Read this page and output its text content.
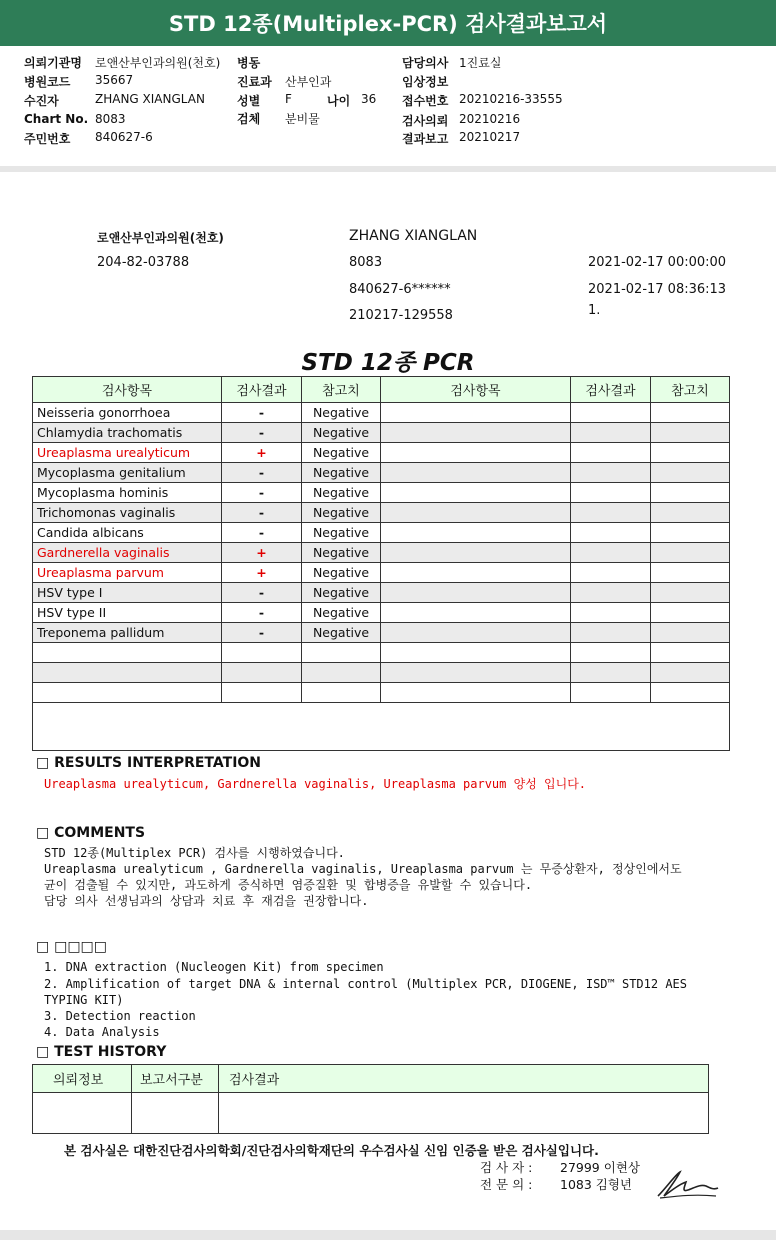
STD 12종(Multiplex-PCR) 검사결과보고서
의뢰기관명 로앤산부인과의원(천호) 병동	담당의사 1진료실
병원코드 35667	진료과 산부인과	임상정보
수진자	ZHANG XIANGLAN	성별 F	나이 36 접수번호 20210216-33555
Chart No. 8083	검체 분비물	검사의뢰 20210216
주민번호 840627-6	결과보고 20210217
로앤산부인과의원(천호)
204-82-03788
ZHANG XIANGLAN
8083
840627-6******
210217-129558
2021-02-17 00:00:00
2021-02-17 08:36:13
1.
STD 12종 PCR
검사항목	검사결과	참고치	검사항목	검사결과	참고치
Neisseria gonorrhoea	-	Negative			
Chlamydia trachomatis	-	Negative			
Ureaplasma urealyticum	+	Negative			
Mycoplasma genitalium	-	Negative			
Mycoplasma hominis	-	Negative			
Trichomonas vaginalis	-	Negative			
Candida albicans	-	Negative			
Gardnerella vaginalis	+	Negative			
Ureaplasma parvum	+	Negative			
HSV type I	-	Negative			
HSV type II	-	Negative			
Treponema pallidum	-	Negative			

□ RESULTS INTERPRETATION
Ureaplasma urealyticum, Gardnerella vaginalis, Ureaplasma parvum 양성 입니다.
□ COMMENTS
STD 12종(Multiplex PCR) 검사를 시행하였습니다.
Ureaplasma urealyticum , Gardnerella vaginalis, Ureaplasma parvum 는 무증상환자, 정상인에서도
균이 검출될 수 있지만, 과도하게 증식하면 염증질환 및 합병증을 유발할 수 있습니다.
담당 의사 선생님과의 상담과 치료 후 재검을 권장합니다.
□ □□□□
1. DNA extraction (Nucleogen Kit) from specimen
2. Amplification of target DNA & internal control (Multiplex PCR, DIOGENE, ISD™ STD12 AES
TYPING KIT)
3. Detection reaction
4. Data Analysis
□ TEST HISTORY
의뢰정보	보고서구분	검사결과

본 검사실은 대한진단검사의학회/진단검사의학재단의 우수검사실 신임 인증을 받은 검사실입니다.
검 사 자 : 27999 이현상
전 문 의 : 1083 김형년
